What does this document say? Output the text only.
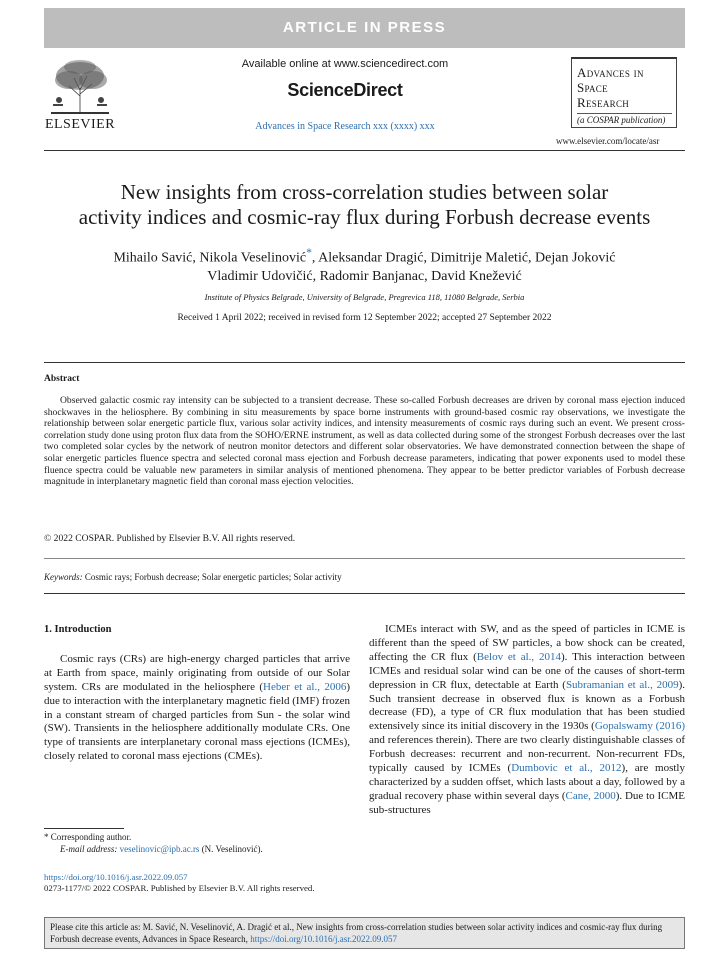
ARTICLE IN PRESS
ELSEVIER
Available online at www.sciencedirect.com
ScienceDirect
Advances in Space Research xxx (xxxx) xxx
Advances in
Space
Research
(a COSPAR publication)
www.elsevier.com/locate/asr
New insights from cross-correlation studies between solar
activity indices and cosmic-ray flux during Forbush decrease events
Mihailo Savić, Nikola Veselinović*, Aleksandar Dragić, Dimitrije Maletić, Dejan Joković
Vladimir Udovičić, Radomir Banjanac, David Knežević
Institute of Physics Belgrade, University of Belgrade, Pregrevica 118, 11080 Belgrade, Serbia
Received 1 April 2022; received in revised form 12 September 2022; accepted 27 September 2022
Abstract
Observed galactic cosmic ray intensity can be subjected to a transient decrease. These so-called Forbush decreases are driven by coronal mass ejection induced shockwaves in the heliosphere. By combining in situ measurements by space borne instruments with ground-based cosmic ray observations, we investigate the relationship between solar energetic particle flux, various solar activity indices, and intensity measurements of cosmic rays during such an event. We present cross-correlation study done using proton flux data from the SOHO/ERNE instrument, as well as data collected during some of the strongest Forbush decreases over the last two completed solar cycles by the network of neutron monitor detectors and different solar observatories. We have demonstrated connection between the shape of solar energetic particles fluence spectra and selected coronal mass ejection and Forbush decrease parameters, indicating that power exponents used to model these fluence spectra could be valuable new parameters in similar analysis of mentioned phenomena. They appear to be better predictor variables of Forbush decrease magnitude in interplanetary magnetic field than coronal mass ejection velocities.
© 2022 COSPAR. Published by Elsevier B.V. All rights reserved.
Keywords: Cosmic rays; Forbush decrease; Solar energetic particles; Solar activity
1. Introduction

Cosmic rays (CRs) are high-energy charged particles that arrive at Earth from space, mainly originating from outside of our Solar system. CRs are modulated in the heliosphere (Heber et al., 2006) due to interaction with the interplanetary magnetic field (IMF) frozen in a constant stream of charged particles from Sun - the solar wind (SW). Transients in the heliosphere additionally modulate CRs. One type of transients are interplanetary coronal mass ejections (ICMEs), closely related to coronal mass ejections (CMEs).

ICMEs interact with SW, and as the speed of particles in ICME is different than the speed of SW particles, a bow shock can be created, affecting the CR flux (Belov et al., 2014). This interaction between ICMEs and residual solar wind can be one of the causes of short-term depression in CR flux, detectable at Earth (Subramanian et al., 2009). Such transient decrease in observed flux is known as a Forbush decrease (FD), a type of CR flux modulation that has been studied extensively since its initial discovery in the 1930s (Gopalswamy (2016) and references therein). There are two clearly distinguishable classes of Forbush decreases: recurrent and non-recurrent. Non-recurrent FDs, typically caused by ICMEs (Dumbovic et al., 2012), are mostly characterized by a sudden offset, which lasts about a day, followed by a gradual recovery phase within several days (Cane, 2000). Due to ICME sub-structures

* Corresponding author.
E-mail address: veselinovic@ipb.ac.rs (N. Veselinović).
https://doi.org/10.1016/j.asr.2022.09.057
0273-1177/© 2022 COSPAR. Published by Elsevier B.V. All rights reserved.
Please cite this article as: M. Savić, N. Veselinović, A. Dragić et al., New insights from cross-correlation studies between solar activity indices and cosmic-ray flux during Forbush decrease events, Advances in Space Research, https://doi.org/10.1016/j.asr.2022.09.057
